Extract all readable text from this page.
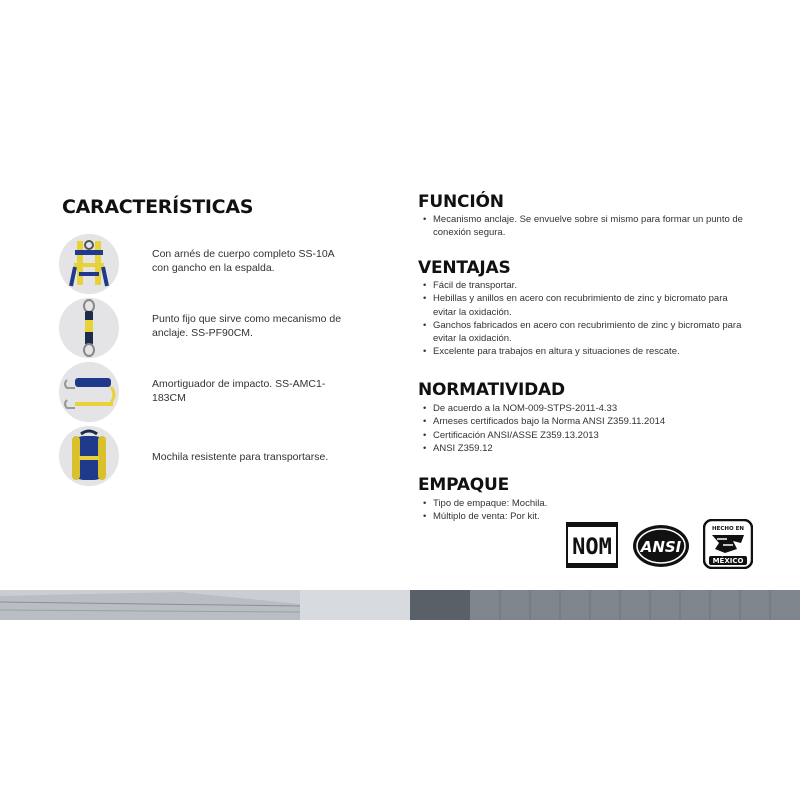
CARACTERÍSTICAS
Con arnés de cuerpo completo SS-10A con gancho en la espalda.
Punto fijo que sirve como mecanismo de anclaje. SS-PF90CM.
Amortiguador de impacto. SS-AMC1-183CM
Mochila resistente para transportarse.
FUNCIÓN
• Mecanismo anclaje. Se envuelve sobre si mismo para formar un punto de conexión segura.
VENTAJAS
• Fácil de transportar.
• Hebillas y anillos en acero con recubrimiento de zinc y bicromato para evitar la oxidación.
• Ganchos fabricados en acero con recubrimiento de zinc y bicromato para evitar la oxidación.
• Excelente para trabajos en altura y situaciones de rescate.
NORMATIVIDAD
• De acuerdo a la NOM-009-STPS-2011-4.33
• Arneses certificados bajo la Norma ANSI Z359.11.2014
• Certificación ANSI/ASSE Z359.13.2013
• ANSI Z359.12
EMPAQUE
• Tipo de empaque: Mochila.
• Múltiplo de venta: Por kit.
NOM ANSI
HECHO EN
MÉXICO
